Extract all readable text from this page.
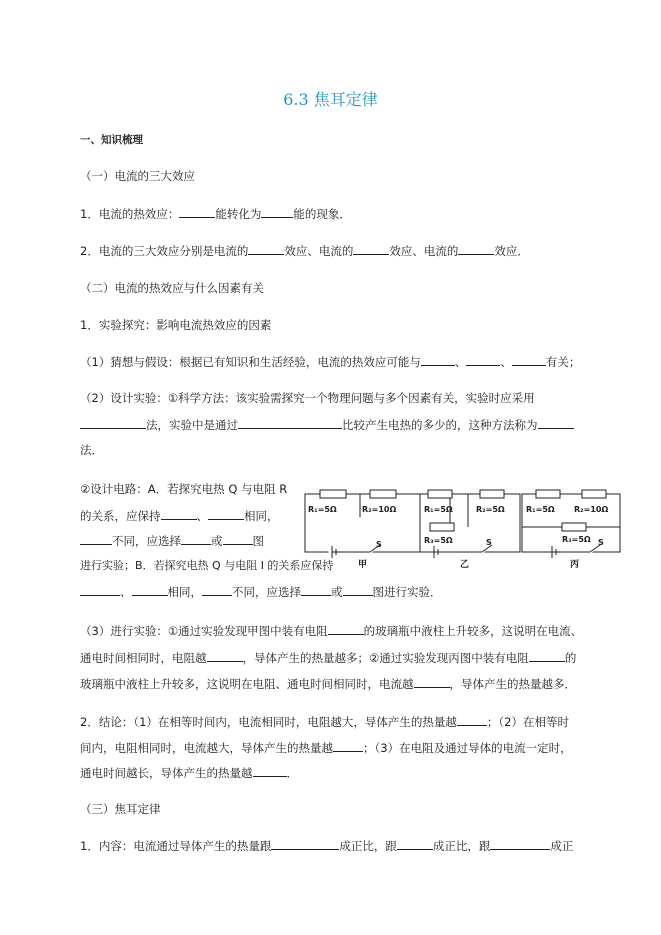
6.3 焦耳定律
一、知识梳理
（一）电流的三大效应
1．电流的热效应：	能转化为	能的现象．
2．电流的三大效应分别是电流的	效应、电流的	效应、电流的	效应．
（二）电流的热效应与什么因素有关
1．实验探究：影响电流热效应的因素
（1）猜想与假设：根据已有知识和生活经验，电流的热效应可能与	、	、	有关；
（2）设计实验：①科学方法：该实验需探究一个物理问题与多个因素有关，实验时应采用
法，实验中是通过	比较产生电热的多少的，这种方法称为
法．
②设计电路：A．若探究电热 Q 与电阻 R
的关系，应保持	、	相同，
不同，应选择	或	图
进行实验；B．若探究电热 Q 与电阻 I 的关系应保持
、	相同，	不同，应选择	或	图进行实验．
R₁=5Ω	R₂=10Ω
S
甲
R₁=5Ω	R₂=5Ω
R₃=5Ω	S
乙
R₁=5Ω R₂=10Ω
R₃=5Ω S
丙
（3）进行实验：①通过实验发现甲图中装有电阻	的玻璃瓶中液柱上升较多，这说明在电流、
通电时间相同时，电阻越	，导体产生的热量越多；②通过实验发现丙图中装有电阻	的
玻璃瓶中液柱上升较多，这说明在电阻、通电时间相同时，电流越	，导体产生的热量越多．
2．结论：（1）在相等时间内，电流相同时，电阻越大，导体产生的热量越	；（2）在相等时
间内，电阻相同时，电流越大，导体产生的热量越	；（3）在电阻及通过导体的电流一定时，
通电时间越长，导体产生的热量越	．
（三）焦耳定律
1．内容：电流通过导体产生的热量跟	成正比，跟	成正比，跟	成正
